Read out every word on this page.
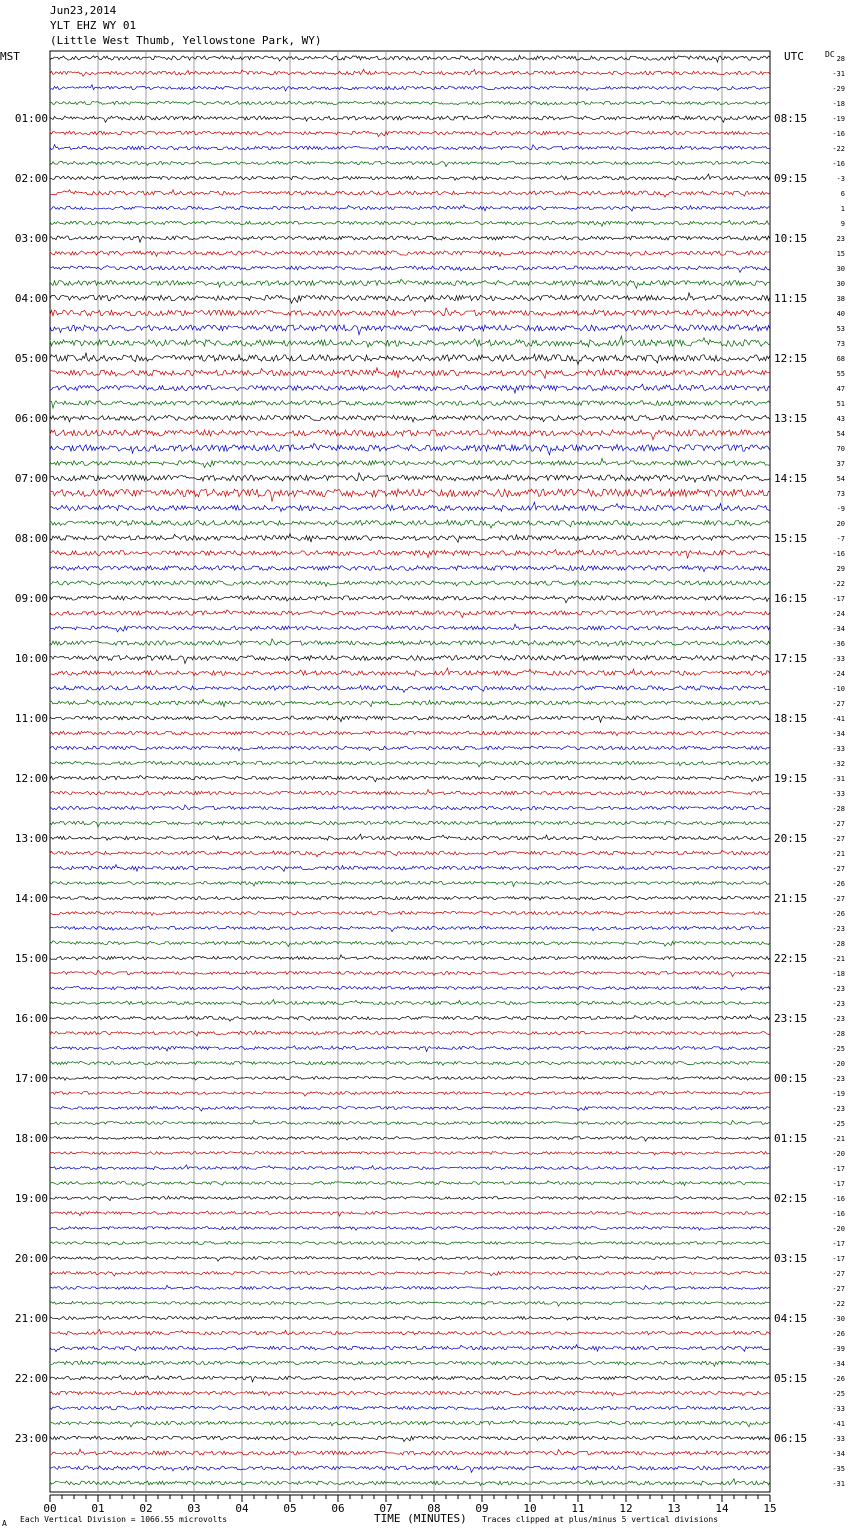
Jun23,2014
YLT EHZ WY 01
(Little West Thumb, Yellowstone Park, WY)
MST	UTC	DC 28
-31
-29
-18
-19
-16
-22
-16
-3
6
1
9
23
15
30
30
38
40
53
73
68
55
47
51
43
54
70
37
54
73
-9
20
-7
-16
29
-22
-17
-24
-34
-36
-33
-24
-10
-27
-41
-34
-33
-32
-31
-33
-28
-27
-27
-21
-27
-26
-27
-26
-23
-28
-21
-18
-23
-23
-23
-28
-25
-20
-23
-19
-23
-25
-21
-20
-17
-17
-16
-16
-20
-17
-17
-27
-27
-22
-30
-26
-39
-34
-26
-25
-33
-41
-33
-34
-35
-31
01:00	08:15
02:00	09:15
03:00	10:15
04:00	11:15
05:00	12:15
06:00	13:15
07:00	14:15
08:00	15:15
09:00	16:15
10:00	17:15
11:00	18:15
12:00	19:15
13:00	20:15
14:00	21:15
15:00	22:15
16:00	23:15
17:00	00:15
18:00	01:15
19:00	02:15
20:00	03:15
21:00	04:15
22:00	05:15
23:00	06:15
00	01	02	03	04	05	06	07	08	09	10	11	12	13	14	15
A Each Vertical Division = 1066.55 microvolts	TIME (MINUTES) Traces clipped at plus/minus 5 vertical divisions
